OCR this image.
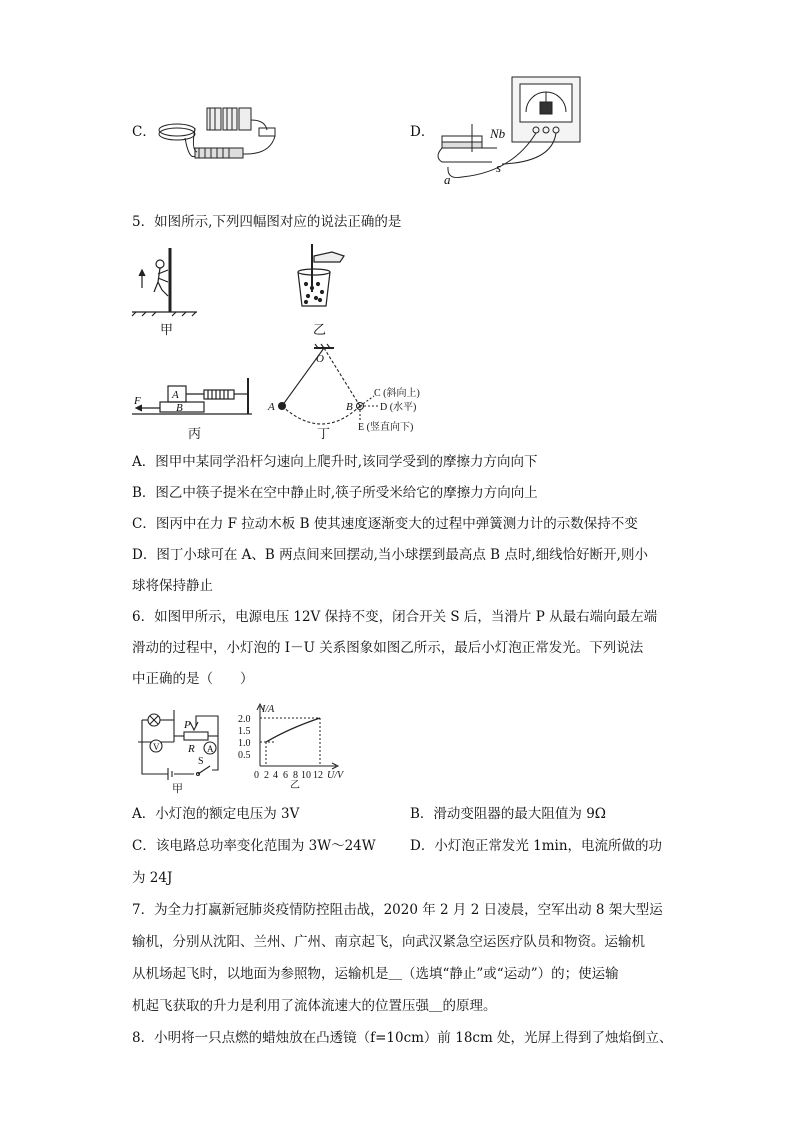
C．	D．	Nb
s
a
5．如图所示,下列四幅图对应的说法正确的是
甲	乙
A
B
F
丙
O
A	B
C (斜向上)
D (水平)
E (竖直向下)
丁
A．图甲中某同学沿杆匀速向上爬升时,该同学受到的摩擦力方向向下
B．图乙中筷子提米在空中静止时,筷子所受米给它的摩擦力方向向上
C．图丙中在力 F 拉动木板 B 使其速度逐渐变大的过程中弹簧测力计的示数保持不变
D．图丁小球可在 A、B 两点间来回摆动,当小球摆到最高点 B 点时,细线恰好断开,则小
球将保持静止
6．如图甲所示，电源电压 12V 保持不变，闭合开关 S 后，当滑片 P 从最右端向最左端
滑动的过程中，小灯泡的 I－U 关系图象如图乙所示，最后小灯泡正常发光。下列说法
中正确的是（　　）
V	A
P
R
S
甲
I/A
2.0
1.5
1.0
0.5
0 2 4 6 8 10 12 U/V
乙
A．小灯泡的额定电压为 3V	B．滑动变阻器的最大阻值为 9Ω
C．该电路总功率变化范围为 3W～24W	D．小灯泡正常发光 1min，电流所做的功
为 24J
7．为全力打赢新冠肺炎疫情防控阻击战，2020 年 2 月 2 日凌晨，空军出动 8 架大型运
输机，分别从沈阳、兰州、广州、南京起飞，向武汉紧急空运医疗队员和物资。运输机
从机场起飞时，以地面为参照物，运输机是＿（选填“静止”或“运动”）的；使运输
机起飞获取的升力是利用了流体流速大的位置压强＿的原理。
8．小明将一只点燃的蜡烛放在凸透镜（f=10cm）前 18cm 处，光屏上得到了烛焰倒立、
